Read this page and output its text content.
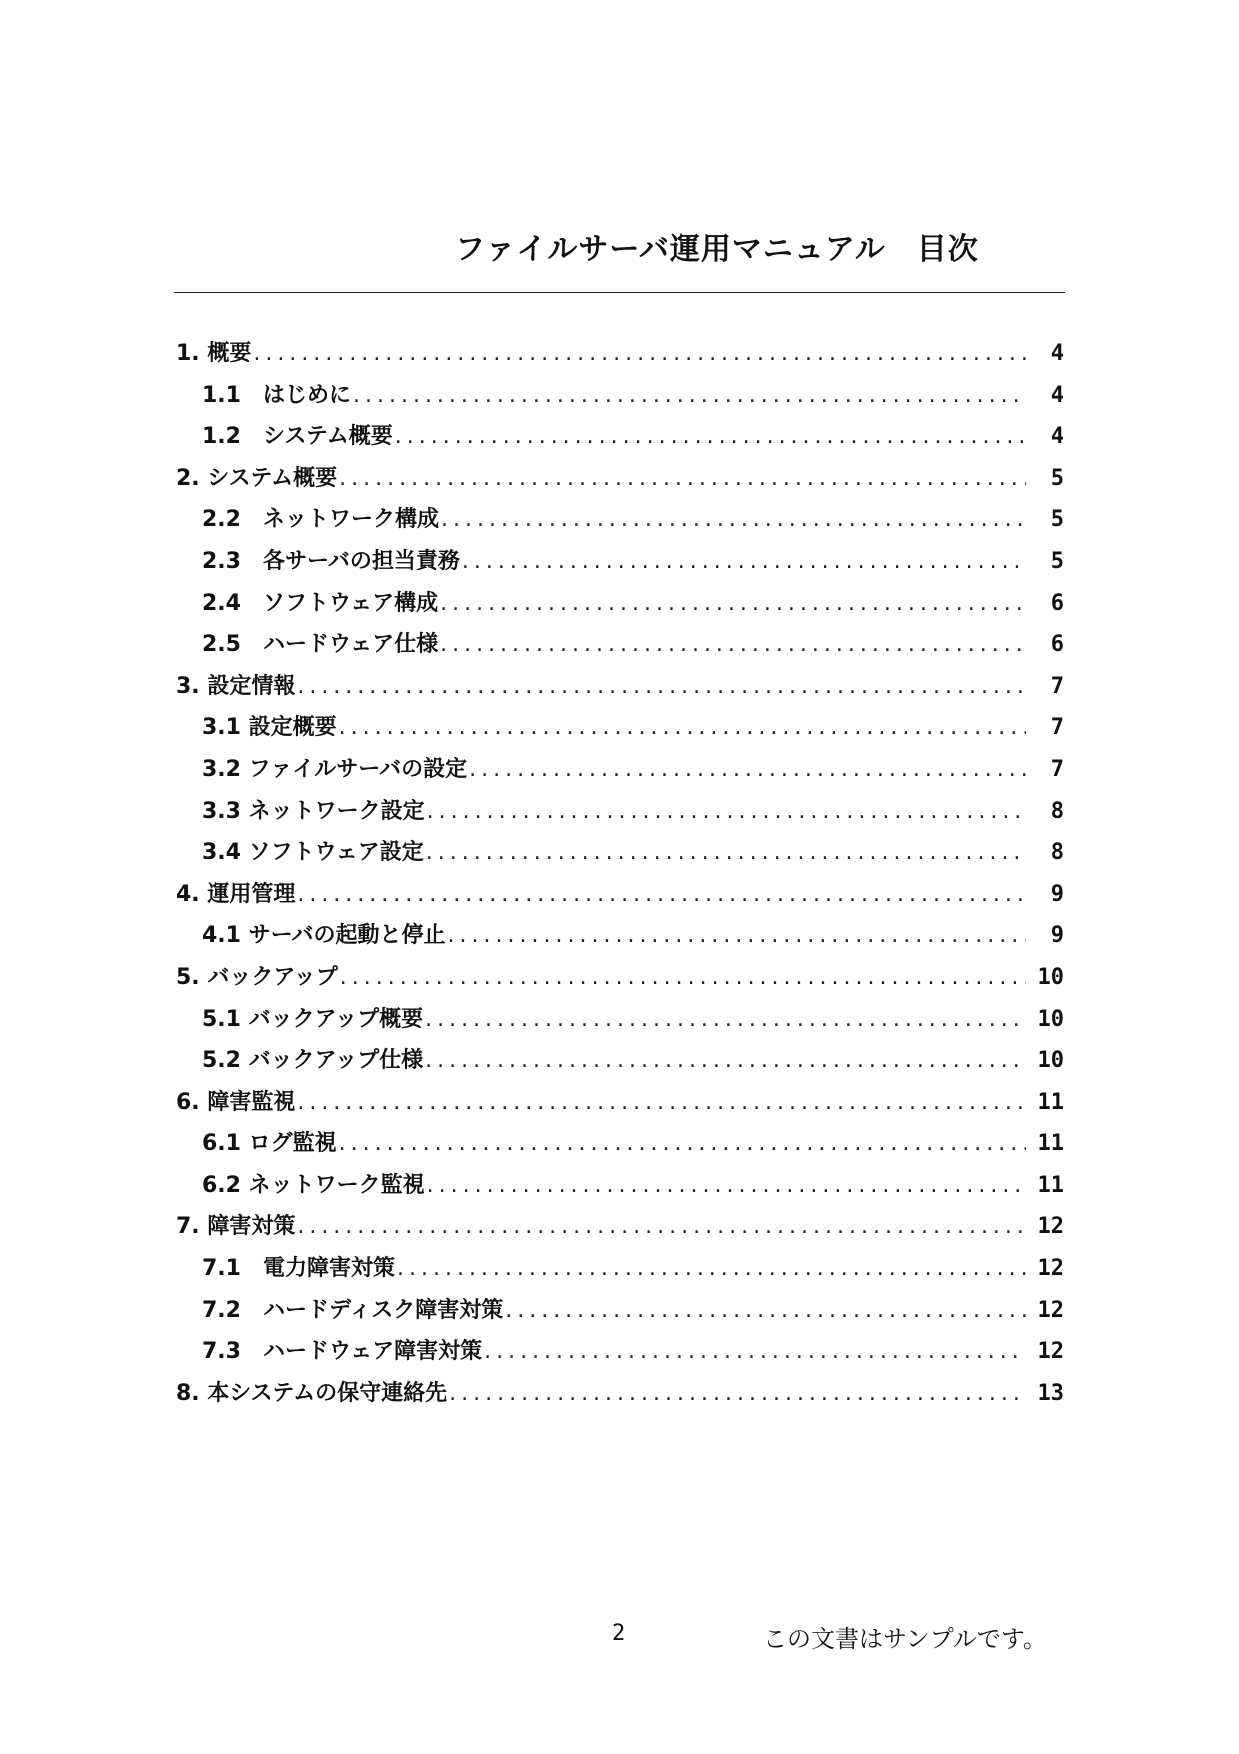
ファイルサーバ運用マニュアル　目次
1. 概要 .....	4
1.1　はじめに .....	4
1.2　システム概要 .....	4
2. システム概要 .....	5
2.2　ネットワーク構成 .....	5
2.3　各サーバの担当責務 .....	5
2.4　ソフトウェア構成 .....	6
2.5　ハードウェア仕様 .....	6
3. 設定情報 .....	7
3.1 設定概要 .....	7
3.2 ファイルサーバの設定 .....	7
3.3 ネットワーク設定 .....	8
3.4 ソフトウェア設定 .....	8
4. 運用管理 .....	9
4.1 サーバの起動と停止 .....	9
5. バックアップ .....	10
5.1 バックアップ概要 .....	10
5.2 バックアップ仕様 .....	10
6. 障害監視 .....	11
6.1 ログ監視 .....	11
6.2 ネットワーク監視 .....	11
7. 障害対策 .....	12
7.1　電力障害対策 .....	12
7.2　ハードディスク障害対策 .....	12
7.3　ハードウェア障害対策 .....	12
8. 本システムの保守連絡先 .....	13
2	この文書はサンプルです。
